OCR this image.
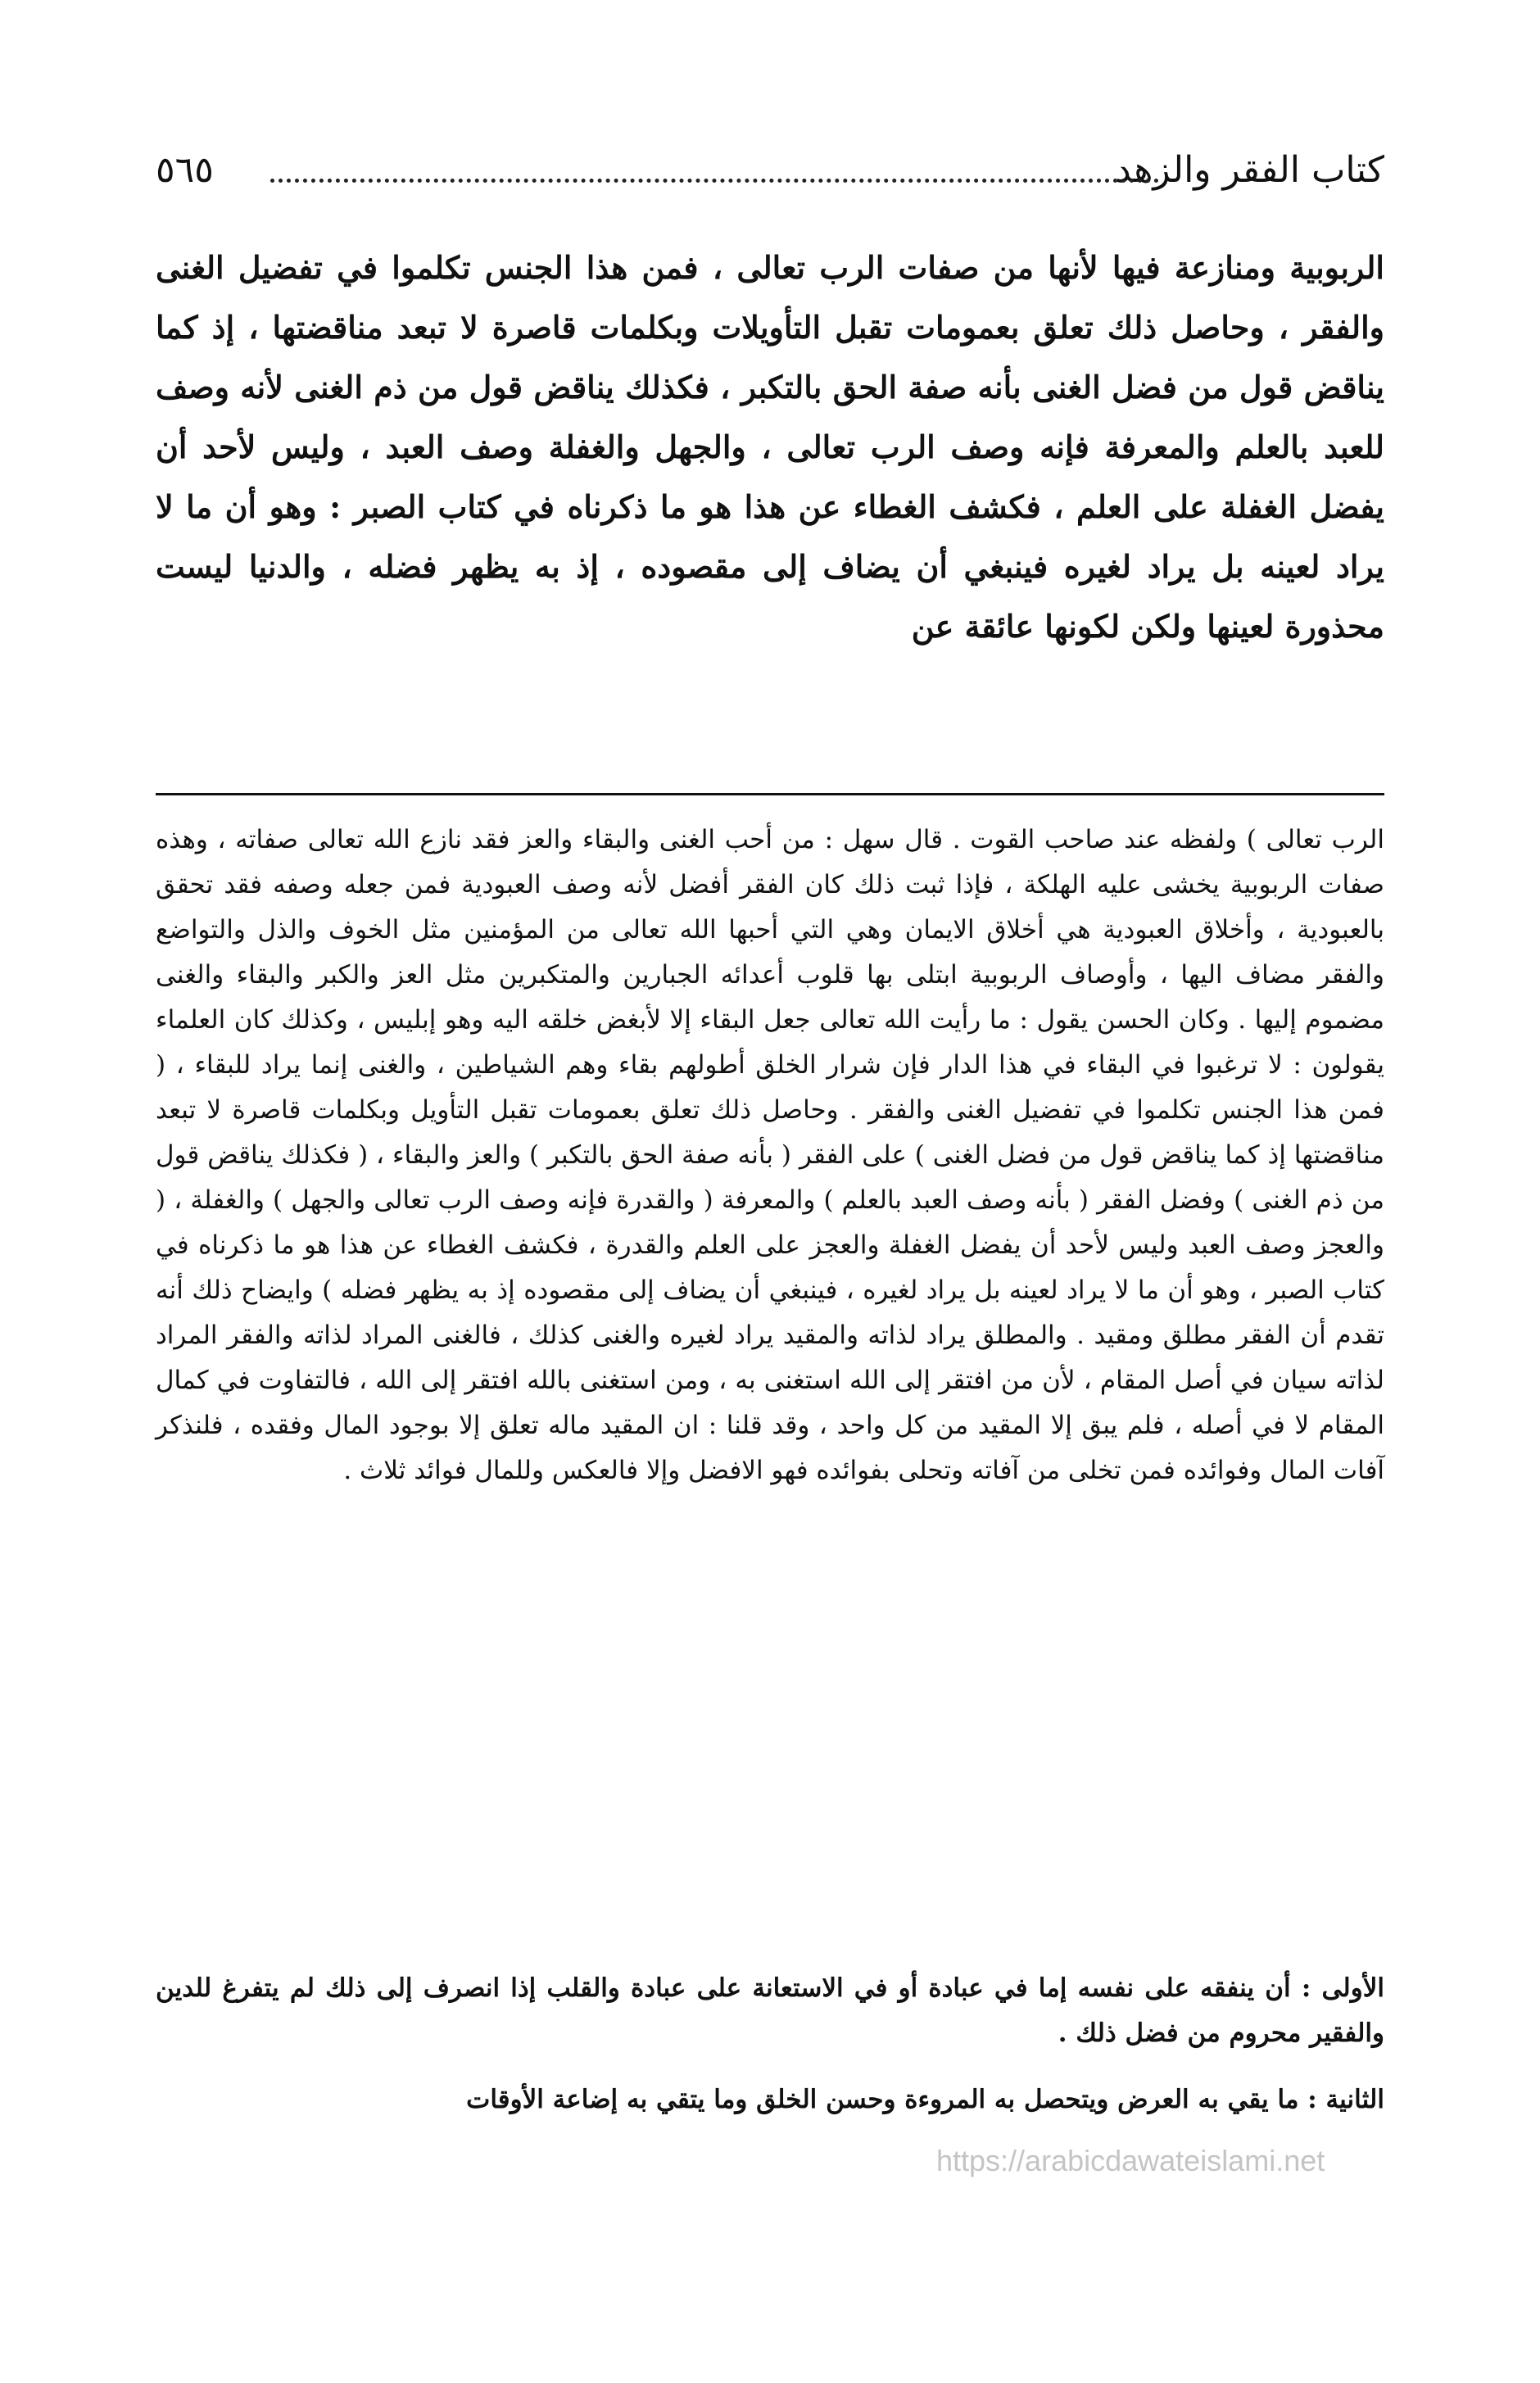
كتاب الفقر والزهد
٥٦٥

الربوبية ومنازعة فيها لأنها من صفات الرب تعالى ، فمن هذا الجنس تكلموا في تفضيل الغنى والفقر ، وحاصل ذلك تعلق بعمومات تقبل التأويلات وبكلمات قاصرة لا تبعد مناقضتها ، إذ كما يناقض قول من فضل الغنى بأنه صفة الحق بالتكبر ، فكذلك يناقض قول من ذم الغنى لأنه وصف للعبد بالعلم والمعرفة فإنه وصف الرب تعالى ، والجهل والغفلة وصف العبد ، وليس لأحد أن يفضل الغفلة على العلم ، فكشف الغطاء عن هذا هو ما ذكرناه في كتاب الصبر : وهو أن ما لا يراد لعينه بل يراد لغيره فينبغي أن يضاف إلى مقصوده ، إذ به يظهر فضله ، والدنيا ليست محذورة لعينها ولكن لكونها عائقة عن

الرب تعالى ) ولفظه عند صاحب القوت . قال سهل : من أحب الغنى والبقاء والعز فقد نازع الله تعالى صفاته ، وهذه صفات الربوبية يخشى عليه الهلكة ، فإذا ثبت ذلك كان الفقر أفضل لأنه وصف العبودية فمن جعله وصفه فقد تحقق بالعبودية ، وأخلاق العبودية هي أخلاق الايمان وهي التي أحبها الله تعالى من المؤمنين مثل الخوف والذل والتواضع والفقر مضاف اليها ، وأوصاف الربوبية ابتلى بها قلوب أعدائه الجبارين والمتكبرين مثل العز والكبر والبقاء والغنى مضموم إليها . وكان الحسن يقول : ما رأيت الله تعالى جعل البقاء إلا لأبغض خلقه اليه وهو إبليس ، وكذلك كان العلماء يقولون : لا ترغبوا في البقاء في هذا الدار فإن شرار الخلق أطولهم بقاء وهم الشياطين ، والغنى إنما يراد للبقاء ، ( فمن هذا الجنس تكلموا في تفضيل الغنى والفقر . وحاصل ذلك تعلق بعمومات تقبل التأويل وبكلمات قاصرة لا تبعد مناقضتها إذ كما يناقض قول من فضل الغنى ) على الفقر ( بأنه صفة الحق بالتكبر ) والعز والبقاء ، ( فكذلك يناقض قول من ذم الغنى ) وفضل الفقر ( بأنه وصف العبد بالعلم ) والمعرفة ( والقدرة فإنه وصف الرب تعالى والجهل ) والغفلة ، ( والعجز وصف العبد وليس لأحد أن يفضل الغفلة والعجز على العلم والقدرة ، فكشف الغطاء عن هذا هو ما ذكرناه في كتاب الصبر ، وهو أن ما لا يراد لعينه بل يراد لغيره ، فينبغي أن يضاف إلى مقصوده إذ به يظهر فضله ) وايضاح ذلك أنه تقدم أن الفقر مطلق ومقيد . والمطلق يراد لذاته والمقيد يراد لغيره والغنى كذلك ، فالغنى المراد لذاته والفقر المراد لذاته سيان في أصل المقام ، لأن من افتقر إلى الله استغنى به ، ومن استغنى بالله افتقر إلى الله ، فالتفاوت في كمال المقام لا في أصله ، فلم يبق إلا المقيد من كل واحد ، وقد قلنا : ان المقيد ماله تعلق إلا بوجود المال وفقده ، فلنذكر آفات المال وفوائده فمن تخلى من آفاته وتحلى بفوائده فهو الافضل وإلا فالعكس وللمال فوائد ثلاث .

الأولى : أن ينفقه على نفسه إما في عبادة أو في الاستعانة على عبادة والقلب إذا انصرف إلى ذلك لم يتفرغ للدين والفقير محروم من فضل ذلك .

الثانية : ما يقي به العرض ويتحصل به المروءة وحسن الخلق وما يتقي به إضاعة الأوقات

https://arabicdawateislami.net
